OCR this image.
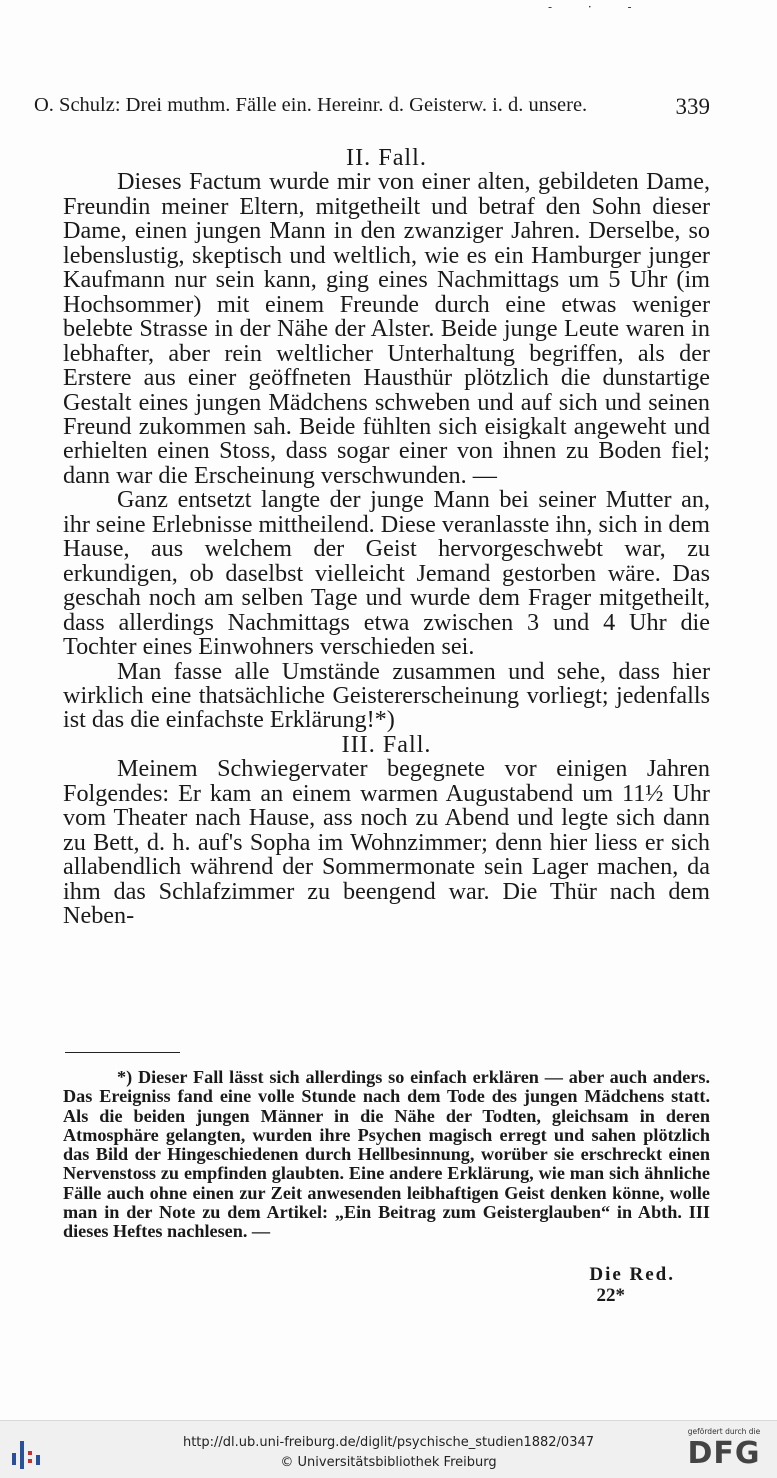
- · -
O. Schulz: Drei muthm. Fälle ein. Hereinr. d. Geisterw. i. d. unsere.	339

II. Fall.

Dieses Factum wurde mir von einer alten, gebildeten Dame, Freundin meiner Eltern, mitgetheilt und betraf den Sohn dieser Dame, einen jungen Mann in den zwanziger Jahren. Derselbe, so lebenslustig, skeptisch und weltlich, wie es ein Hamburger junger Kaufmann nur sein kann, ging eines Nachmittags um 5 Uhr (im Hochsommer) mit einem Freunde durch eine etwas weniger belebte Strasse in der Nähe der Alster. Beide junge Leute waren in lebhafter, aber rein weltlicher Unterhaltung begriffen, als der Erstere aus einer geöffneten Hausthür plötzlich die dunstartige Gestalt eines jungen Mädchens schweben und auf sich und seinen Freund zukommen sah. Beide fühlten sich eisigkalt angeweht und erhielten einen Stoss, dass sogar einer von ihnen zu Boden fiel; dann war die Erscheinung verschwunden. —

Ganz entsetzt langte der junge Mann bei seiner Mutter an, ihr seine Erlebnisse mittheilend. Diese veranlasste ihn, sich in dem Hause, aus welchem der Geist hervorgeschwebt war, zu erkundigen, ob daselbst vielleicht Jemand gestorben wäre. Das geschah noch am selben Tage und wurde dem Frager mitgetheilt, dass allerdings Nachmittags etwa zwischen 3 und 4 Uhr die Tochter eines Einwohners verschieden sei.

Man fasse alle Umstände zusammen und sehe, dass hier wirklich eine thatsächliche Geistererscheinung vorliegt; jedenfalls ist das die einfachste Erklärung!*)

III. Fall.

Meinem Schwiegervater begegnete vor einigen Jahren Folgendes: Er kam an einem warmen Augustabend um 11½ Uhr vom Theater nach Hause, ass noch zu Abend und legte sich dann zu Bett, d. h. auf's Sopha im Wohnzimmer; denn hier liess er sich allabendlich während der Sommermonate sein Lager machen, da ihm das Schlafzimmer zu beengend war. Die Thür nach dem Neben-

*) Dieser Fall lässt sich allerdings so einfach erklären — aber auch anders. Das Ereigniss fand eine volle Stunde nach dem Tode des jungen Mädchens statt. Als die beiden jungen Männer in die Nähe der Todten, gleichsam in deren Atmosphäre gelangten, wurden ihre Psychen magisch erregt und sahen plötzlich das Bild der Hingeschiedenen durch Hellbesinnung, worüber sie erschreckt einen Nervenstoss zu empfinden glaubten. Eine andere Erklärung, wie man sich ähnliche Fälle auch ohne einen zur Zeit anwesenden leibhaftigen Geist denken könne, wolle man in der Note zu dem Artikel: „Ein Beitrag zum Geisterglauben“ in Abth. III dieses Heftes nachlesen. —

Die Red.
22*
http://dl.ub.uni-freiburg.de/diglit/psychische_studien1882/0347
© Universitätsbibliothek Freiburg
gefördert durch die
DFG
